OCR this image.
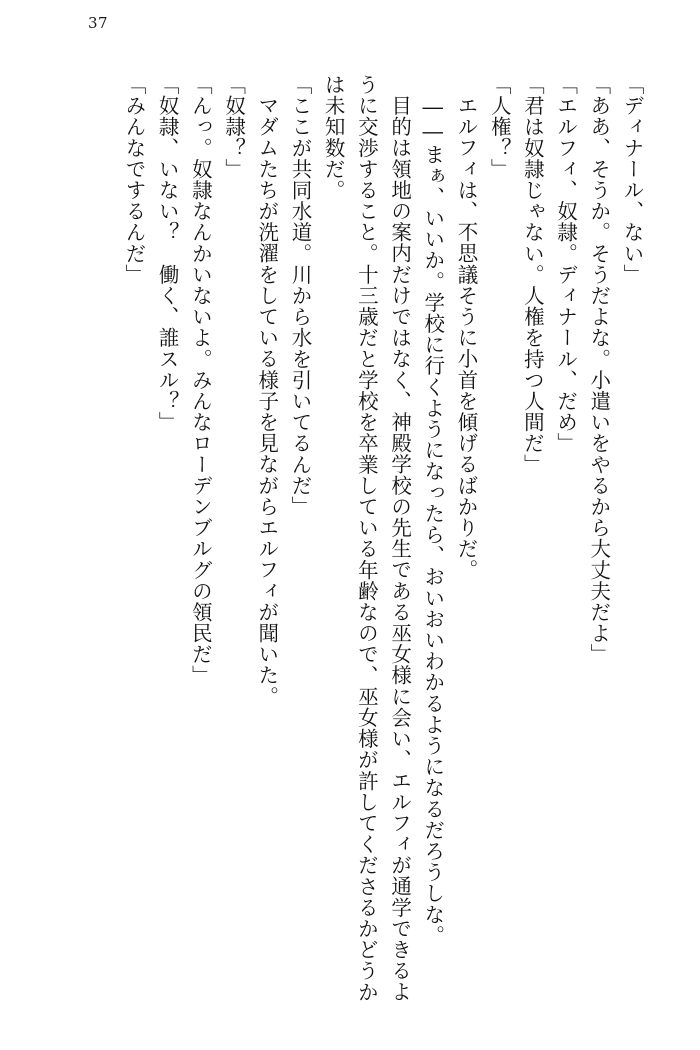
37

「ディナール、ない」

「ああ、そうか。そうだよな。小遣いをやるから大丈夫だよ」

「エルフィ、奴隷。ディナール、だめ」

「君は奴隷じゃない。人権を持つ人間だ」

「人権？」

エルフィは、不思議そうに小首を傾げるばかりだ。

――まぁ、いいか。学校に行くようになったら、おいおいわかるようになるだろうしな。

目的は領地の案内だけではなく、神殿学校の先生である巫女様に会い、エルフィが通学できるように交渉すること。十三歳だと学校を卒業している年齢なので、巫女様が許してくださるかどうかは未知数だ。

「ここが共同水道。川から水を引いてるんだ」

マダムたちが洗濯をしている様子を見ながらエルフィが聞いた。

「奴隷？」

「んっ。奴隷なんかいないよ。みんなローデンブルグの領民だ」

「奴隷、いない？　働く、誰スル？」

「みんなでするんだ」
